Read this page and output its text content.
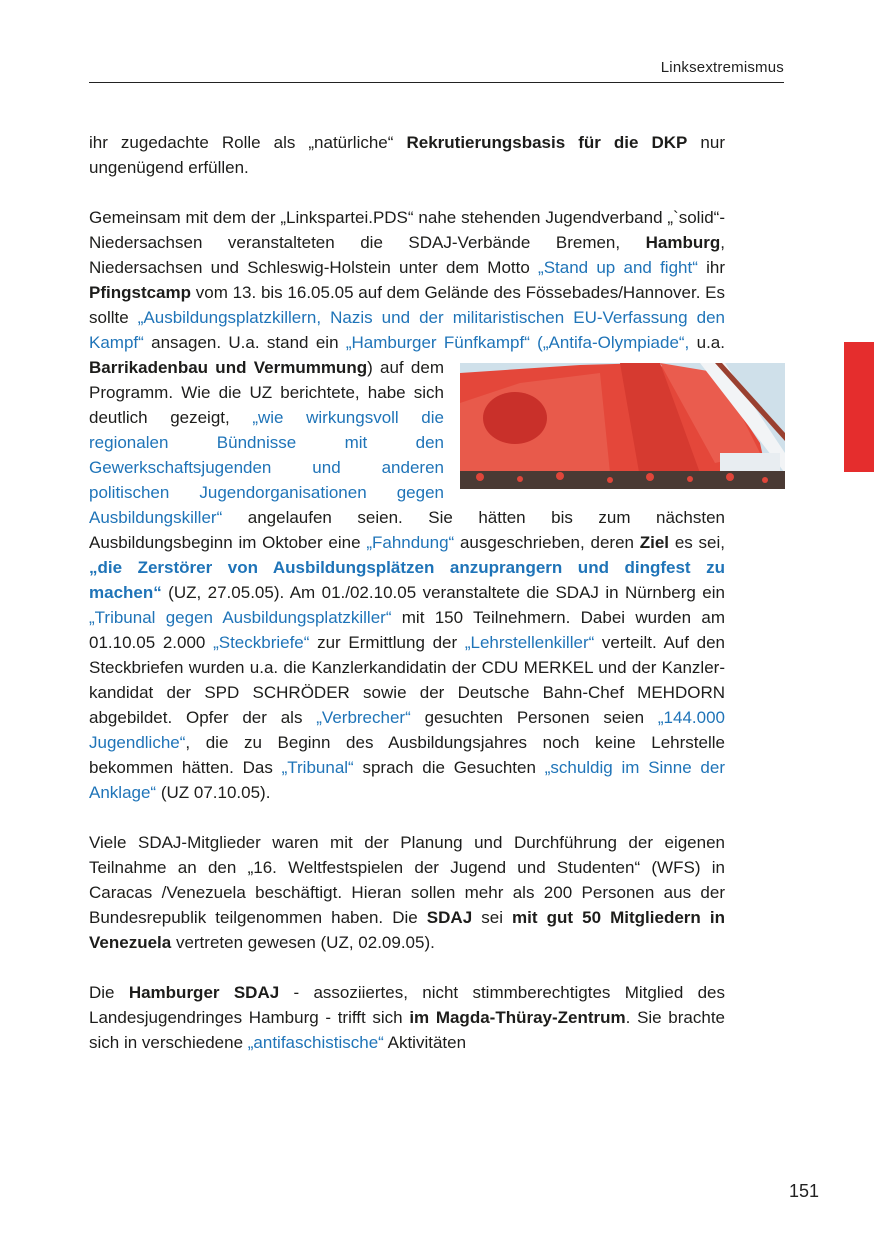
Linksextremismus

ihr zugedachte Rolle als „natürliche“ Rekrutierungsbasis für die DKP nur ungenügend erfüllen.

Gemeinsam mit dem der „Linkspartei.PDS“ nahe stehenden Jugendverband „`solid“-Niedersachsen veranstalteten die SDAJ-Verbände Bremen, Hamburg, Niedersachsen und Schleswig-Holstein unter dem Motto „Stand up and fight“ ihr Pfingstcamp vom 13. bis 16.05.05 auf dem Gelände des Fössebades/Hannover. Es sollte „Ausbildungsplatzkillern, Nazis und der militaristischen EU-Verfassung den Kampf“ ansagen. U.a. stand ein „Hamburger Fünfkampf“ („Antifa-Olympiade“, u.a.
Barrikadenbau und Vermummung) auf dem Programm. Wie die UZ berichtete, habe sich deutlich gezeigt, „wie wirkungsvoll die regionalen Bündnisse mit den Gewerkschaftsjugenden und anderen politischen Jugendorganisationen gegen Ausbildungskiller“ angelaufen seien. Sie hätten bis zum nächsten Ausbildungsbeginn im Oktober eine „Fahndung“ ausgeschrieben, deren Ziel es sei, „die Zerstörer von Ausbildungsplätzen anzuprangern und dingfest zu machen“ (UZ, 27.05.05). Am 01./02.10.05 veranstaltete die SDAJ in Nürnberg ein „Tribunal gegen Ausbildungsplatzkiller“ mit 150 Teilnehmern. Dabei wurden am 01.10.05 2.000 „Steckbriefe“ zur Ermittlung der „Lehrstellenkiller“ verteilt. Auf den Steckbriefen wurden u.a. die Kanzlerkandidatin der CDU MERKEL und der Kanzlerkandidat der SPD SCHRÖDER sowie der Deutsche Bahn-Chef MEHDORN abgebildet. Opfer der als „Verbrecher“ gesuchten Personen seien „144.000 Jugendliche“, die zu Beginn des Ausbildungsjahres noch keine Lehrstelle bekommen hätten. Das „Tribunal“ sprach die Gesuchten „schuldig im Sinne der Anklage“ (UZ 07.10.05).

Viele SDAJ-Mitglieder waren mit der Planung und Durchführung der eigenen Teilnahme an den „16. Weltfestspielen der Jugend und Studenten“ (WFS) in Caracas /Venezuela beschäftigt. Hieran sollen mehr als 200 Personen aus der Bundesrepublik teilgenommen haben. Die SDAJ sei mit gut 50 Mitgliedern in Venezuela vertreten gewesen (UZ, 02.09.05).

Die Hamburger SDAJ - assoziiertes, nicht stimmberechtigtes Mitglied des Landesjugendringes Hamburg - trifft sich im Magda-Thüray-Zentrum. Sie brachte sich in verschiedene „antifaschistische“ Aktivitäten

151
